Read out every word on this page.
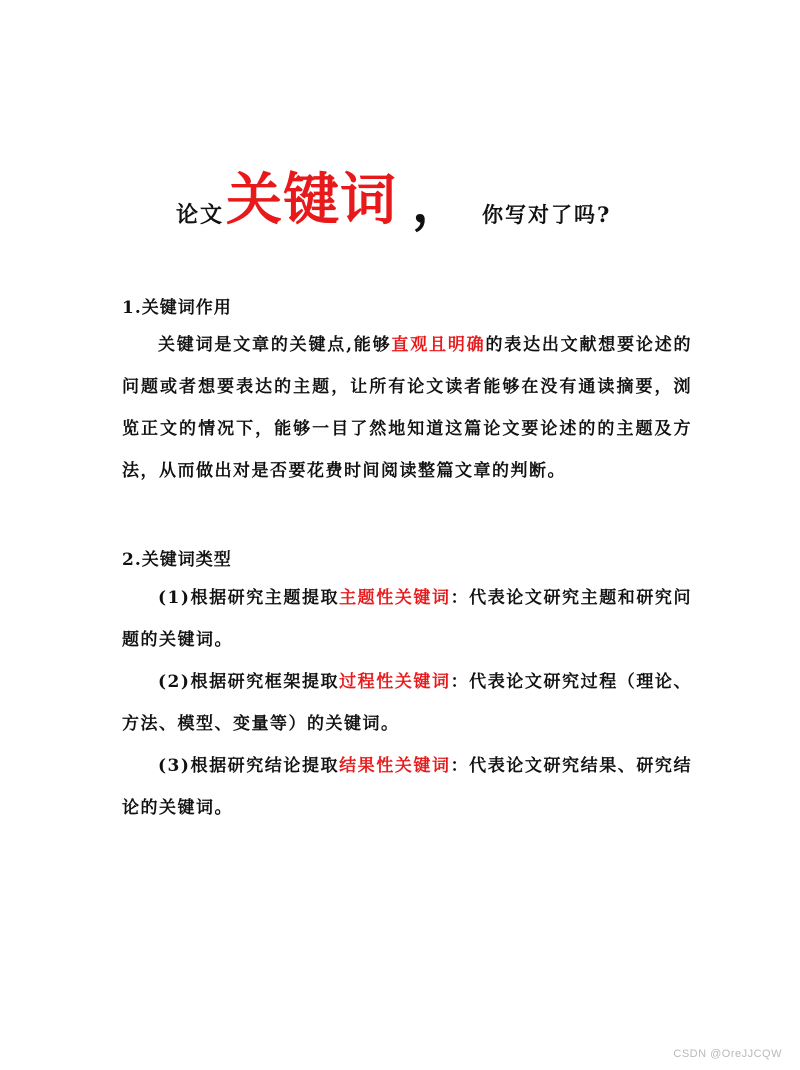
论文 关键词 ， 你写对了吗?
1.关键词作用
关键词是文章的关键点,能够直观且明确的表达出文献想要论述的问题或者想要表达的主题，让所有论文读者能够在没有通读摘要，浏览正文的情况下，能够一目了然地知道这篇论文要论述的的主题及方法，从而做出对是否要花费时间阅读整篇文章的判断。
2.关键词类型
(1)根据研究主题提取主题性关键词：代表论文研究主题和研究问题的关键词。
(2)根据研究框架提取过程性关键词：代表论文研究过程（理论、方法、模型、变量等）的关键词。
(3)根据研究结论提取结果性关键词：代表论文研究结果、研究结论的关键词。
CSDN @OreJJCQW
